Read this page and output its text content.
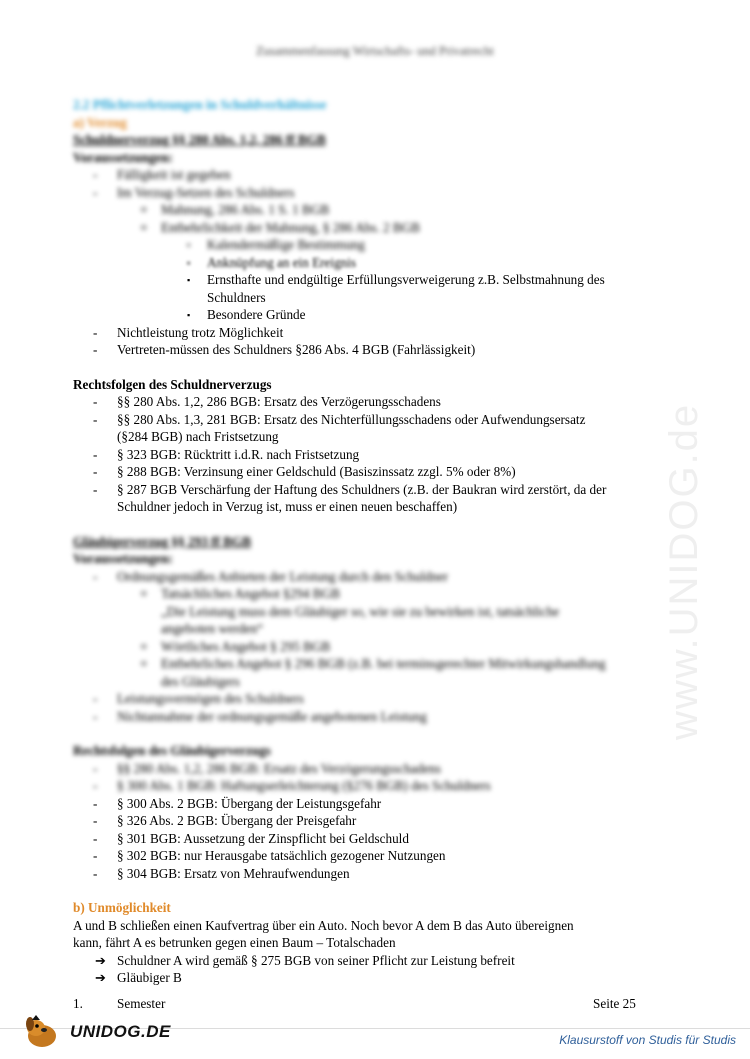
Zusammenfassung Wirtschafts- und Privatrecht
www.UNIDOG.de
2.2 Pflichtverletzungen in Schuldverhältnisse
a) Verzug
Schuldnerverzug §§ 280 Abs. 1,2, 286 ff BGB
Voraussetzungen:
- Fälligkeit ist gegeben
- Im Verzug-Setzen des Schuldners
o Mahnung, 286 Abs. 1 S. 1 BGB
o Entbehrlichkeit der Mahnung, § 286 Abs. 2 BGB
▪ Kalendermäßige Bestimmung
▪ Anknüpfung an ein Ereignis
▪ Ernsthafte und endgültige Erfüllungsverweigerung z.B. Selbstmahnung des
Schuldners
▪ Besondere Gründe
- Nichtleistung trotz Möglichkeit
- Vertreten-müssen des Schuldners §286 Abs. 4 BGB (Fahrlässigkeit)
Rechtsfolgen des Schuldnerverzugs
- §§ 280 Abs. 1,2, 286 BGB: Ersatz des Verzögerungsschadens
- §§ 280 Abs. 1,3, 281 BGB: Ersatz des Nichterfüllungsschadens oder Aufwendungsersatz
(§284 BGB) nach Fristsetzung
- § 323 BGB: Rücktritt i.d.R. nach Fristsetzung
- § 288 BGB: Verzinsung einer Geldschuld (Basiszinssatz zzgl. 5% oder 8%)
- § 287 BGB Verschärfung der Haftung des Schuldners (z.B. der Baukran wird zerstört, da der
Schuldner jedoch in Verzug ist, muss er einen neuen beschaffen)
Gläubigerverzug §§ 293 ff BGB
Voraussetzungen:
- Ordnungsgemäßes Anbieten der Leistung durch den Schuldner
o Tatsächliches Angebot §294 BGB
„Die Leistung muss dem Gläubiger so, wie sie zu bewirken ist, tatsächliche
angeboten werden“
o Wörtliches Angebot § 295 BGB
o Entbehrliches Angebot § 296 BGB (z.B. bei terminsgerechter Mitwirkungshandlung
des Gläubigers
- Leistungsvermögen des Schuldners
- Nichtannahme der ordnungsgemäße angebotenen Leistung
Rechtsfolgen des Gläubigerverzugs
- §§ 280 Abs. 1,2, 286 BGB: Ersatz des Verzögerungsschadens
- § 300 Abs. 1 BGB: Haftungserleichterung (§276 BGB) des Schuldners
- § 300 Abs. 2 BGB: Übergang der Leistungsgefahr
- § 326 Abs. 2 BGB: Übergang der Preisgefahr
- § 301 BGB: Aussetzung der Zinspflicht bei Geldschuld
- § 302 BGB: nur Herausgabe tatsächlich gezogener Nutzungen
- § 304 BGB: Ersatz von Mehraufwendungen
b) Unmöglichkeit
A und B schließen einen Kaufvertrag über ein Auto. Noch bevor A dem B das Auto übereignen
kann, fährt A es betrunken gegen einen Baum – Totalschaden
➔ Schuldner A wird gemäß § 275 BGB von seiner Pflicht zur Leistung befreit
➔ Gläubiger B
1.	Semester	Seite 25
UNIDOG.DE	Klausurstoff von Studis für Studis
